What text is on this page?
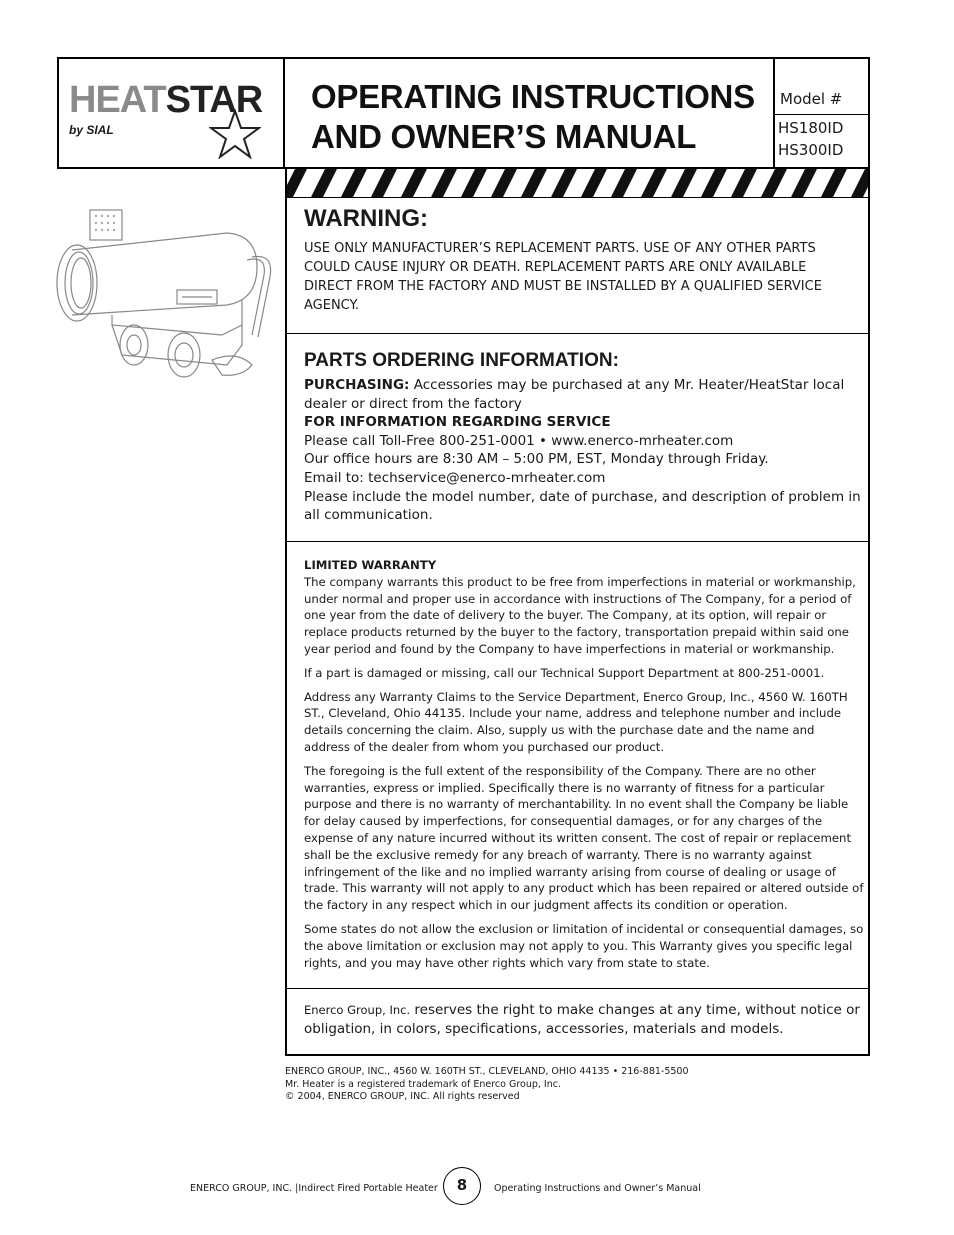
HEATSTAR
by SIAL
OPERATING INSTRUCTIONS
AND OWNER’S MANUAL
Model #
HS180ID
HS300ID
WARNING:
USE ONLY MANUFACTURER’S REPLACEMENT PARTS. USE OF ANY OTHER PARTS COULD CAUSE INJURY OR DEATH. REPLACEMENT PARTS ARE ONLY AVAILABLE DIRECT FROM THE FACTORY AND MUST BE INSTALLED BY A QUALIFIED SERVICE AGENCY.
PARTS ORDERING INFORMATION:

PURCHASING: Accessories may be purchased at any Mr. Heater/HeatStar local dealer or direct from the factory

FOR INFORMATION REGARDING SERVICE

Please call Toll-Free 800-251-0001 • www.enerco-mrheater.com

Our office hours are 8:30 AM – 5:00 PM, EST, Monday through Friday.

Email to: techservice@enerco-mrheater.com

Please include the model number, date of purchase, and description of problem in all communication.

LIMITED WARRANTY

The company warrants this product to be free from imperfections in material or workmanship, under normal and proper use in accordance with instructions of The Company, for a period of one year from the date of delivery to the buyer. The Company, at its option, will repair or replace products returned by the buyer to the factory, transportation prepaid within said one year period and found by the Company to have imperfections in material or workmanship.

If a part is damaged or missing, call our Technical Support Department at 800-251-0001.

Address any Warranty Claims to the Service Department, Enerco Group, Inc., 4560 W. 160TH ST., Cleveland, Ohio 44135. Include your name, address and telephone number and include details concerning the claim. Also, supply us with the purchase date and the name and address of the dealer from whom you purchased our product.

The foregoing is the full extent of the responsibility of the Company. There are no other warranties, express or implied. Specifically there is no warranty of fitness for a particular purpose and there is no warranty of merchantability. In no event shall the Company be liable for delay caused by imperfections, for consequential damages, or for any charges of the expense of any nature incurred without its written consent. The cost of repair or replacement shall be the exclusive remedy for any breach of warranty. There is no warranty against infringement of the like and no implied warranty arising from course of dealing or usage of trade. This warranty will not apply to any product which has been repaired or altered outside of the factory in any respect which in our judgment affects its condition or operation.

Some states do not allow the exclusion or limitation of incidental or consequential damages, so the above limitation or exclusion may not apply to you. This Warranty gives you specific legal rights, and you may have other rights which vary from state to state.

Enerco Group, Inc. reserves the right to make changes at any time, without notice or obligation, in colors, specifications, accessories, materials and models.
ENERCO GROUP, INC., 4560 W. 160TH ST., CLEVELAND, OHIO 44135 • 216-881-5500
Mr. Heater is a registered trademark of Enerco Group, Inc.
© 2004, ENERCO GROUP, INC. All rights reserved
ENERCO GROUP, INC. |Indirect Fired Portable Heater	8	Operating Instructions and Owner’s Manual
